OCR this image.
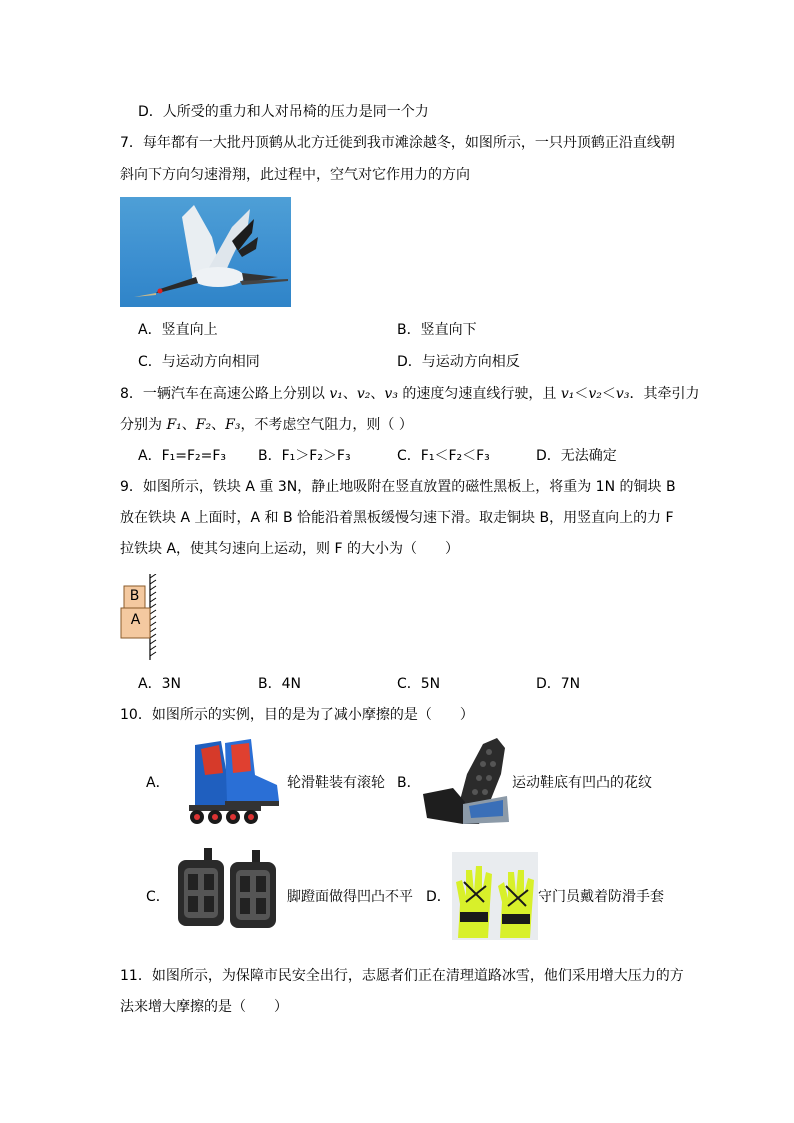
D．人所受的重力和人对吊椅的压力是同一个力
7．每年都有一大批丹顶鹤从北方迁徙到我市滩涂越冬，如图所示，一只丹顶鹤正沿直线朝
斜向下方向匀速滑翔，此过程中，空气对它作用力的方向
A．竖直向上	B．竖直向下
C．与运动方向相同	D．与运动方向相反
8．一辆汽车在高速公路上分别以 v₁、v₂、v₃ 的速度匀速直线行驶，且 v₁＜v₂＜v₃．其牵引力
分别为 F₁、F₂、F₃，不考虑空气阻力，则（ ）
A．F₁=F₂=F₃ B．F₁＞F₂＞F₃	C．F₁＜F₂＜F₃	D．无法确定
9．如图所示，铁块 A 重 3N，静止地吸附在竖直放置的磁性黑板上，将重为 1N 的铜块 B
放在铁块 A 上面时，A 和 B 恰能沿着黑板缓慢匀速下滑。取走铜块 B，用竖直向上的力 F
拉铁块 A，使其匀速向上运动，则 F 的大小为（　　）
B
A
A．3N	B．4N	C．5N	D．7N
10．如图所示的实例，目的是为了减小摩擦的是（　　）
A．	轮滑鞋装有滚轮 B．	运动鞋底有凹凸的花纹
C．	脚蹬面做得凹凸不平 D．	守门员戴着防滑手套
11．如图所示，为保障市民安全出行，志愿者们正在清理道路冰雪，他们采用增大压力的方
法来增大摩擦的是（　　）
